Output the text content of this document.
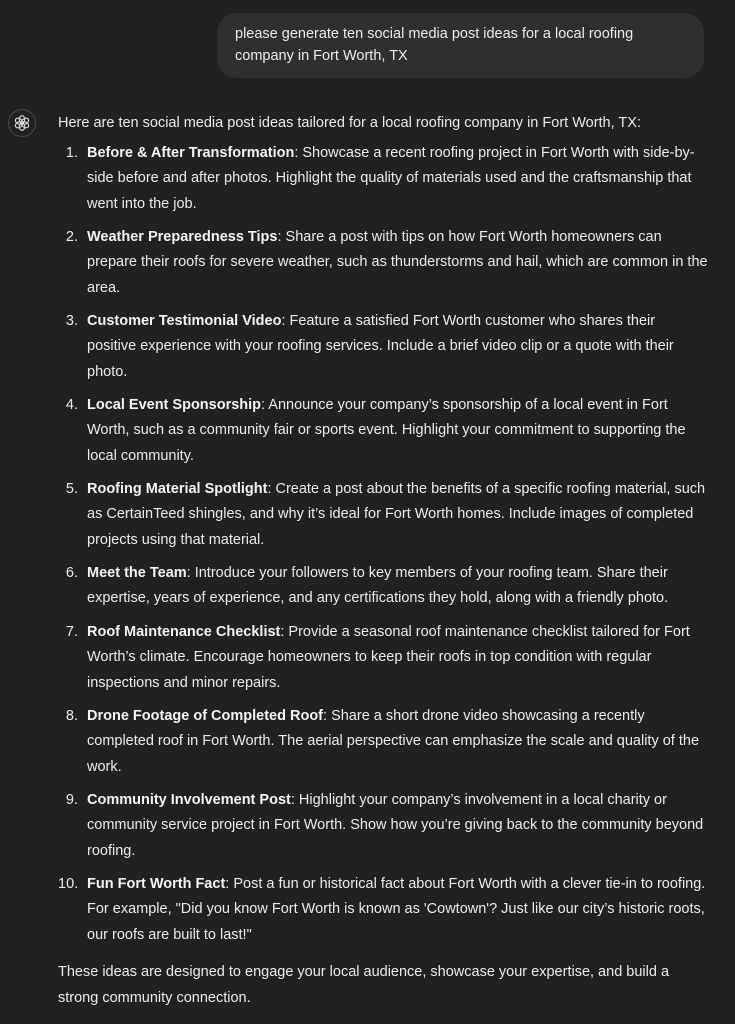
please generate ten social media post ideas for a local roofing company in Fort Worth, TX

Here are ten social media post ideas tailored for a local roofing company in Fort Worth, TX:

1. Before & After Transformation: Showcase a recent roofing project in Fort Worth with side-by-side before and after photos. Highlight the quality of materials used and the craftsmanship that went into the job.
2. Weather Preparedness Tips: Share a post with tips on how Fort Worth homeowners can prepare their roofs for severe weather, such as thunderstorms and hail, which are common in the area.
3. Customer Testimonial Video: Feature a satisfied Fort Worth customer who shares their positive experience with your roofing services. Include a brief video clip or a quote with their photo.
4. Local Event Sponsorship: Announce your company’s sponsorship of a local event in Fort Worth, such as a community fair or sports event. Highlight your commitment to supporting the local community.
5. Roofing Material Spotlight: Create a post about the benefits of a specific roofing material, such as CertainTeed shingles, and why it’s ideal for Fort Worth homes. Include images of completed projects using that material.
6. Meet the Team: Introduce your followers to key members of your roofing team. Share their expertise, years of experience, and any certifications they hold, along with a friendly photo.
7. Roof Maintenance Checklist: Provide a seasonal roof maintenance checklist tailored for Fort Worth’s climate. Encourage homeowners to keep their roofs in top condition with regular inspections and minor repairs.
8. Drone Footage of Completed Roof: Share a short drone video showcasing a recently completed roof in Fort Worth. The aerial perspective can emphasize the scale and quality of the work.
9. Community Involvement Post: Highlight your company’s involvement in a local charity or community service project in Fort Worth. Show how you’re giving back to the community beyond roofing.
10. Fun Fort Worth Fact: Post a fun or historical fact about Fort Worth with a clever tie-in to roofing. For example, "Did you know Fort Worth is known as 'Cowtown'? Just like our city’s historic roots, our roofs are built to last!"

These ideas are designed to engage your local audience, showcase your expertise, and build a strong community connection.
